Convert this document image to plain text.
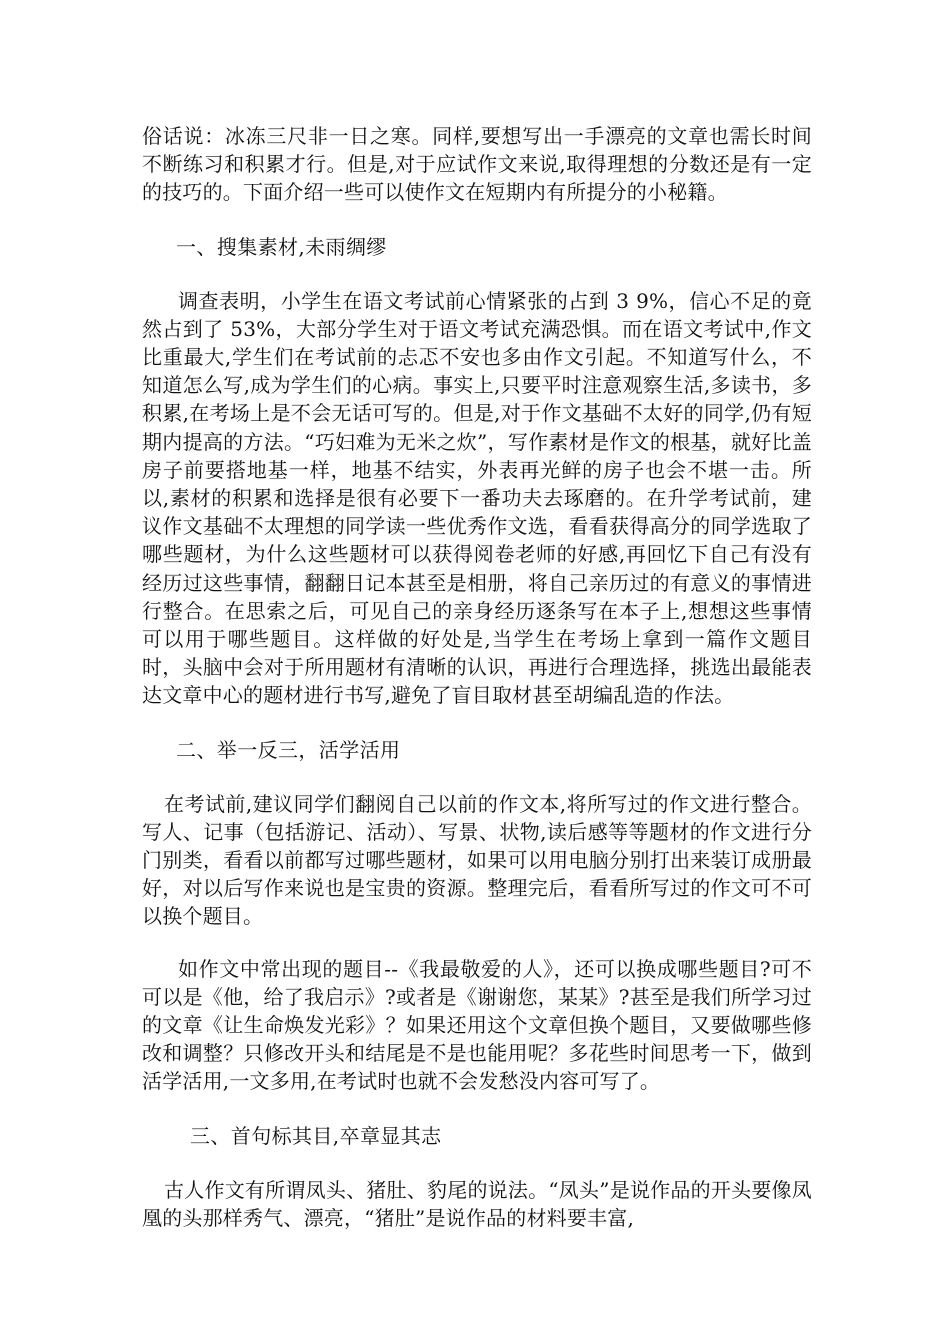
俗话说：冰冻三尺非一日之寒。同样,要想写出一手漂亮的文章也需长时间不断练习和积累才行。但是,对于应试作文来说,取得理想的分数还是有一定的技巧的。下面介绍一些可以使作文在短期内有所提分的小秘籍。

一、搜集素材,未雨绸缪

调查表明，小学生在语文考试前心情紧张的占到 3 9%，信心不足的竟然占到了 53%，大部分学生对于语文考试充满恐惧。而在语文考试中,作文比重最大,学生们在考试前的忐忑不安也多由作文引起。不知道写什么，不知道怎么写,成为学生们的心病。事实上,只要平时注意观察生活,多读书，多积累,在考场上是不会无话可写的。但是,对于作文基础不太好的同学,仍有短期内提高的方法。“巧妇难为无米之炊”，写作素材是作文的根基，就好比盖房子前要搭地基一样，地基不结实，外表再光鲜的房子也会不堪一击。所以,素材的积累和选择是很有必要下一番功夫去琢磨的。在升学考试前，建议作文基础不太理想的同学读一些优秀作文选，看看获得高分的同学选取了哪些题材，为什么这些题材可以获得阅卷老师的好感,再回忆下自己有没有经历过这些事情，翻翻日记本甚至是相册，将自己亲历过的有意义的事情进行整合。在思索之后，可见自己的亲身经历逐条写在本子上,想想这些事情可以用于哪些题目。这样做的好处是,当学生在考场上拿到一篇作文题目时，头脑中会对于所用题材有清晰的认识，再进行合理选择，挑选出最能表达文章中心的题材进行书写,避免了盲目取材甚至胡编乱造的作法。

二、举一反三，活学活用

在考试前,建议同学们翻阅自己以前的作文本,将所写过的作文进行整合。写人、记事（包括游记、活动）、写景、状物,读后感等等题材的作文进行分门别类，看看以前都写过哪些题材，如果可以用电脑分别打出来装订成册最好，对以后写作来说也是宝贵的资源。整理完后，看看所写过的作文可不可以换个题目。

如作文中常出现的题目--《我最敬爱的人》，还可以换成哪些题目?可不可以是《他，给了我启示》?或者是《谢谢您，某某》?甚至是我们所学习过的文章《让生命焕发光彩》？如果还用这个文章但换个题目，又要做哪些修改和调整？只修改开头和结尾是不是也能用呢？多花些时间思考一下，做到活学活用,一文多用,在考试时也就不会发愁没内容可写了。

三、首句标其目,卒章显其志

古人作文有所谓凤头、猪肚、豹尾的说法。“凤头”是说作品的开头要像凤凰的头那样秀气、漂亮，“猪肚”是说作品的材料要丰富,
